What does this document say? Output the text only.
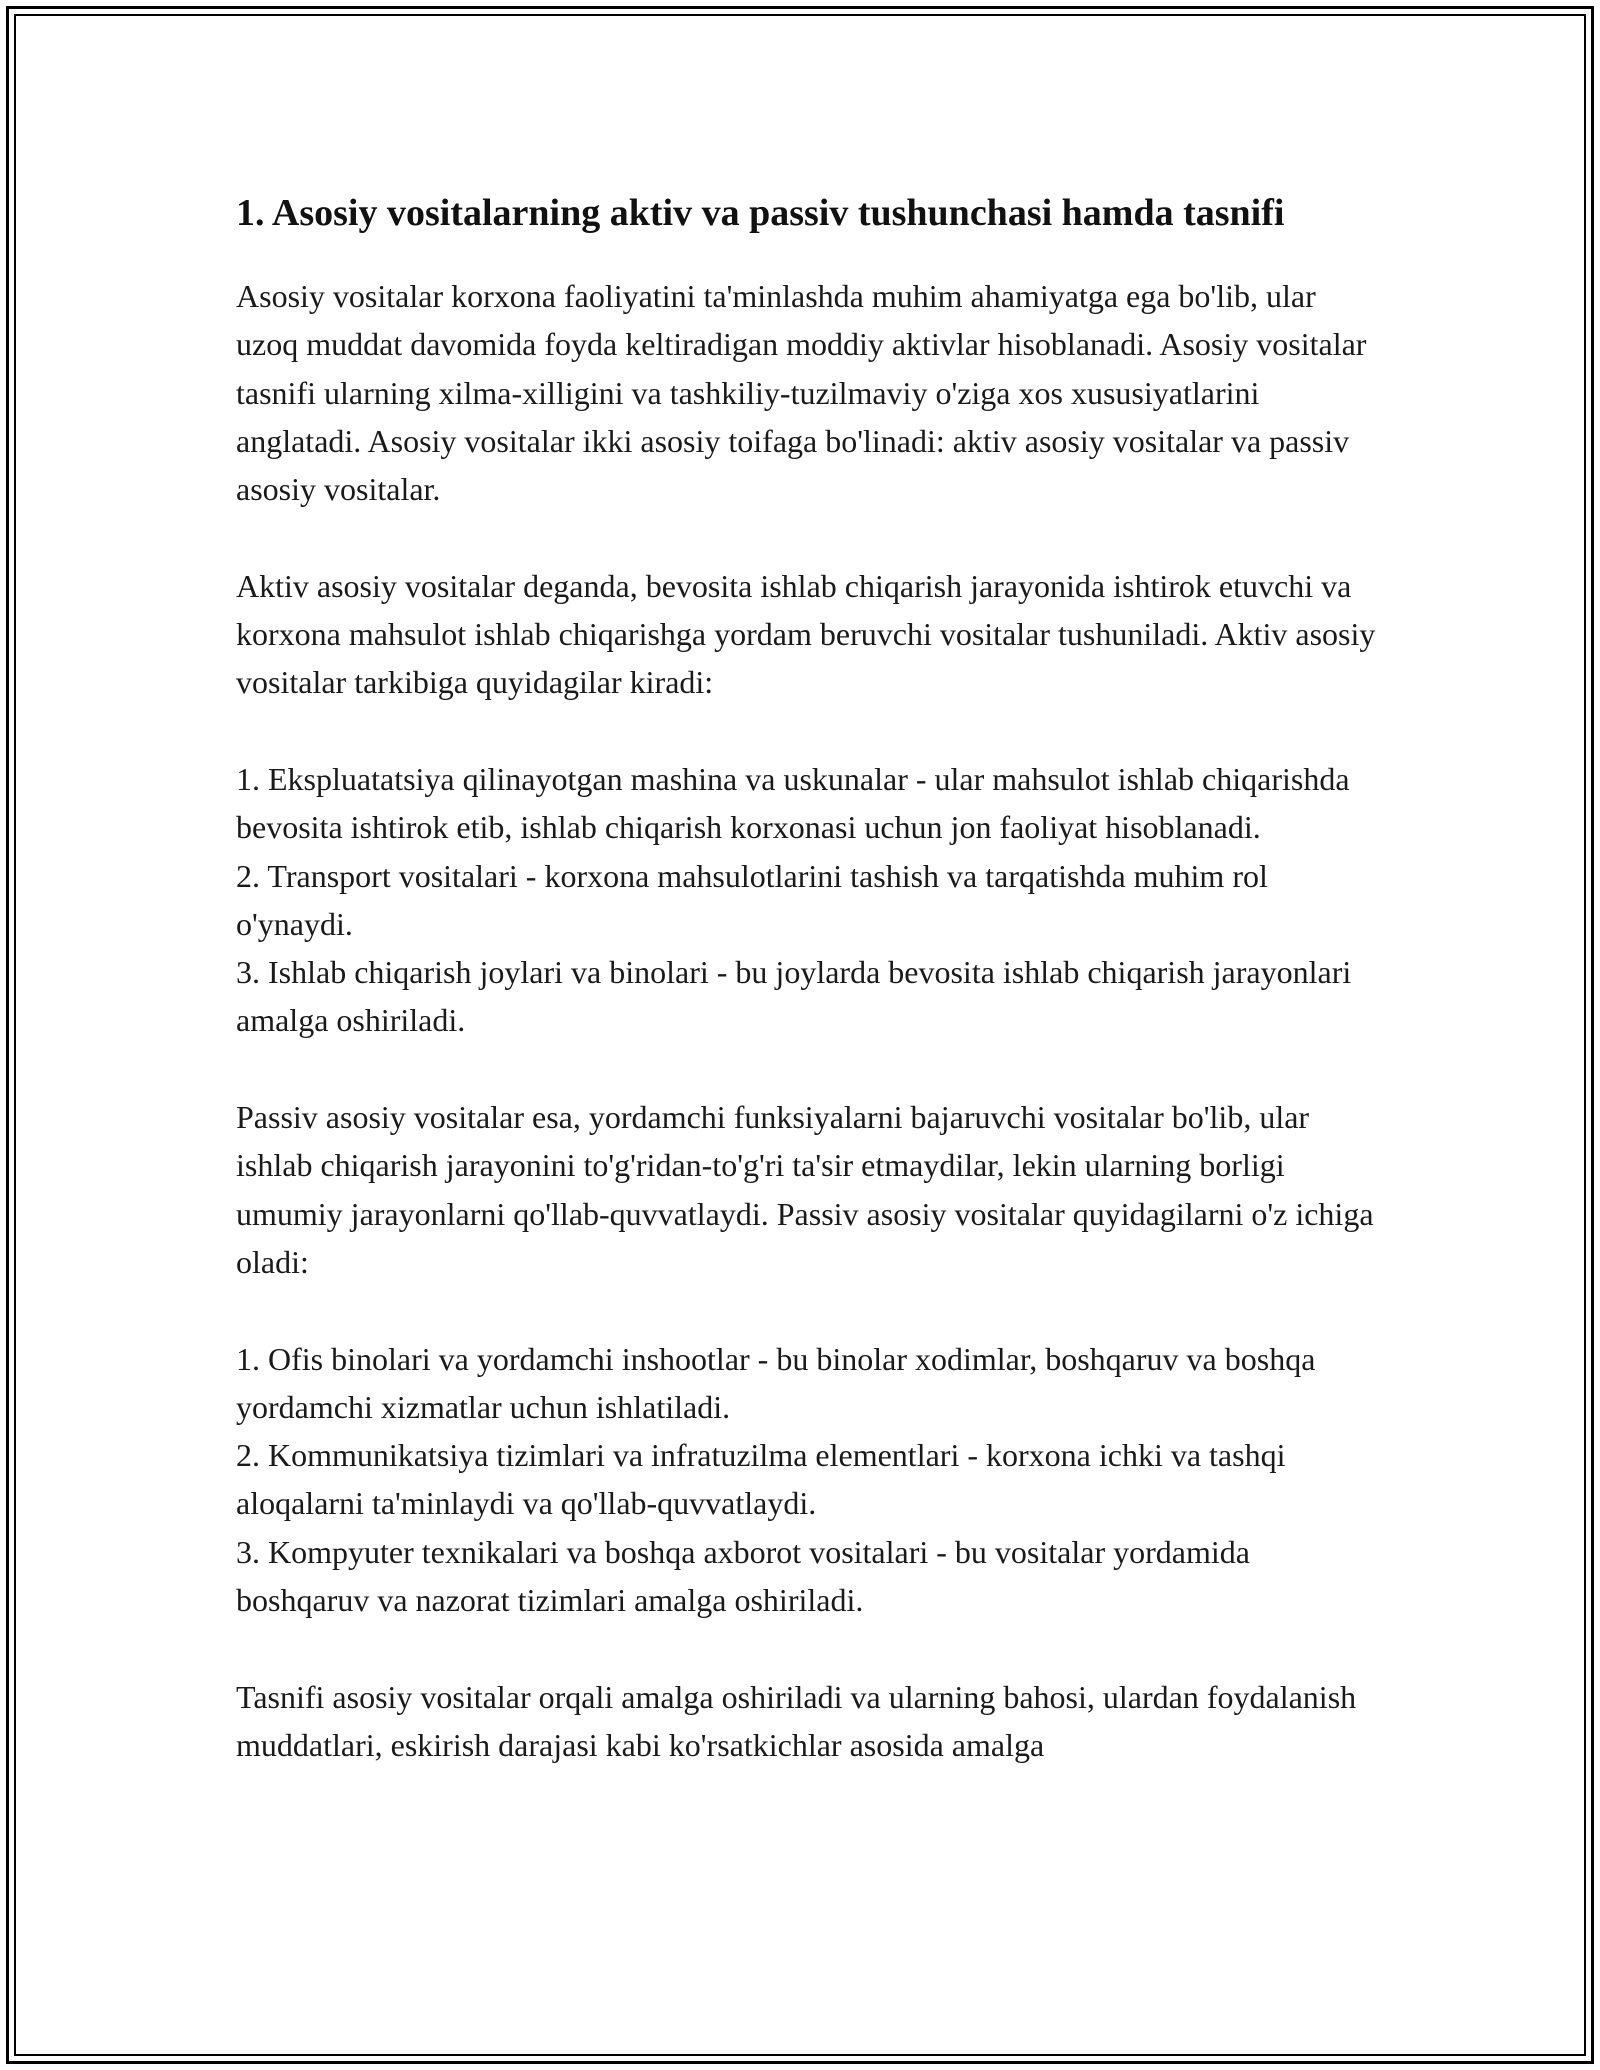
1. Asosiy vositalarning aktiv va passiv tushunchasi hamda tasnifi

Asosiy vositalar korxona faoliyatini ta'minlashda muhim ahamiyatga ega bo'lib, ular uzoq muddat davomida foyda keltiradigan moddiy aktivlar hisoblanadi. Asosiy vositalar tasnifi ularning xilma-xilligini va tashkiliy-tuzilmaviy o'ziga xos xususiyatlarini anglatadi. Asosiy vositalar ikki asosiy toifaga bo'linadi: aktiv asosiy vositalar va passiv asosiy vositalar.

Aktiv asosiy vositalar deganda, bevosita ishlab chiqarish jarayonida ishtirok etuvchi va korxona mahsulot ishlab chiqarishga yordam beruvchi vositalar tushuniladi. Aktiv asosiy vositalar tarkibiga quyidagilar kiradi:

1. Ekspluatatsiya qilinayotgan mashina va uskunalar - ular mahsulot ishlab chiqarishda bevosita ishtirok etib, ishlab chiqarish korxonasi uchun jon faoliyat hisoblanadi.

2. Transport vositalari - korxona mahsulotlarini tashish va tarqatishda muhim rol o'ynaydi.

3. Ishlab chiqarish joylari va binolari - bu joylarda bevosita ishlab chiqarish jarayonlari amalga oshiriladi.

Passiv asosiy vositalar esa, yordamchi funksiyalarni bajaruvchi vositalar bo'lib, ular ishlab chiqarish jarayonini to'g'ridan-to'g'ri ta'sir etmaydilar, lekin ularning borligi umumiy jarayonlarni qo'llab-quvvatlaydi. Passiv asosiy vositalar quyidagilarni o'z ichiga oladi:

1. Ofis binolari va yordamchi inshootlar - bu binolar xodimlar, boshqaruv va boshqa yordamchi xizmatlar uchun ishlatiladi.

2. Kommunikatsiya tizimlari va infratuzilma elementlari - korxona ichki va tashqi aloqalarni ta'minlaydi va qo'llab-quvvatlaydi.

3. Kompyuter texnikalari va boshqa axborot vositalari - bu vositalar yordamida boshqaruv va nazorat tizimlari amalga oshiriladi.

Tasnifi asosiy vositalar orqali amalga oshiriladi va ularning bahosi, ulardan foydalanish muddatlari, eskirish darajasi kabi ko'rsatkichlar asosida amalga
